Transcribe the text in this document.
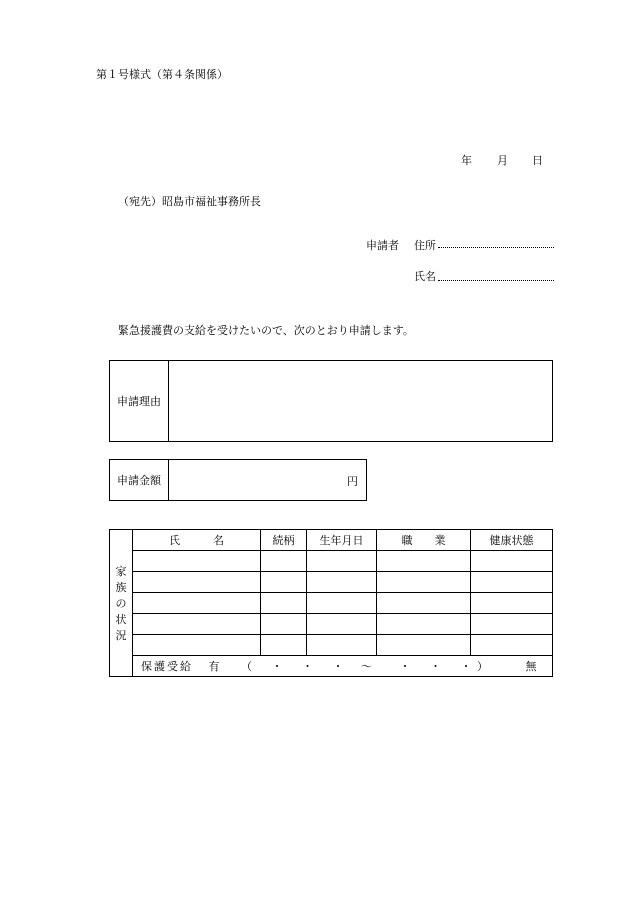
第１号様式（第４条関係）
年 月 日
（宛先）昭島市福祉事務所長
申請者 住所
氏名
緊急援護費の支給を受けたいので、次のとおり申請します。
申請理由
申請金額	円
家 族 の 状 況	氏　　　名	続柄	生年月日	職　　業	健康状態

	保護受給 有 （ ・ ・ ・ ～ ・ ・ ・ ） 無				
